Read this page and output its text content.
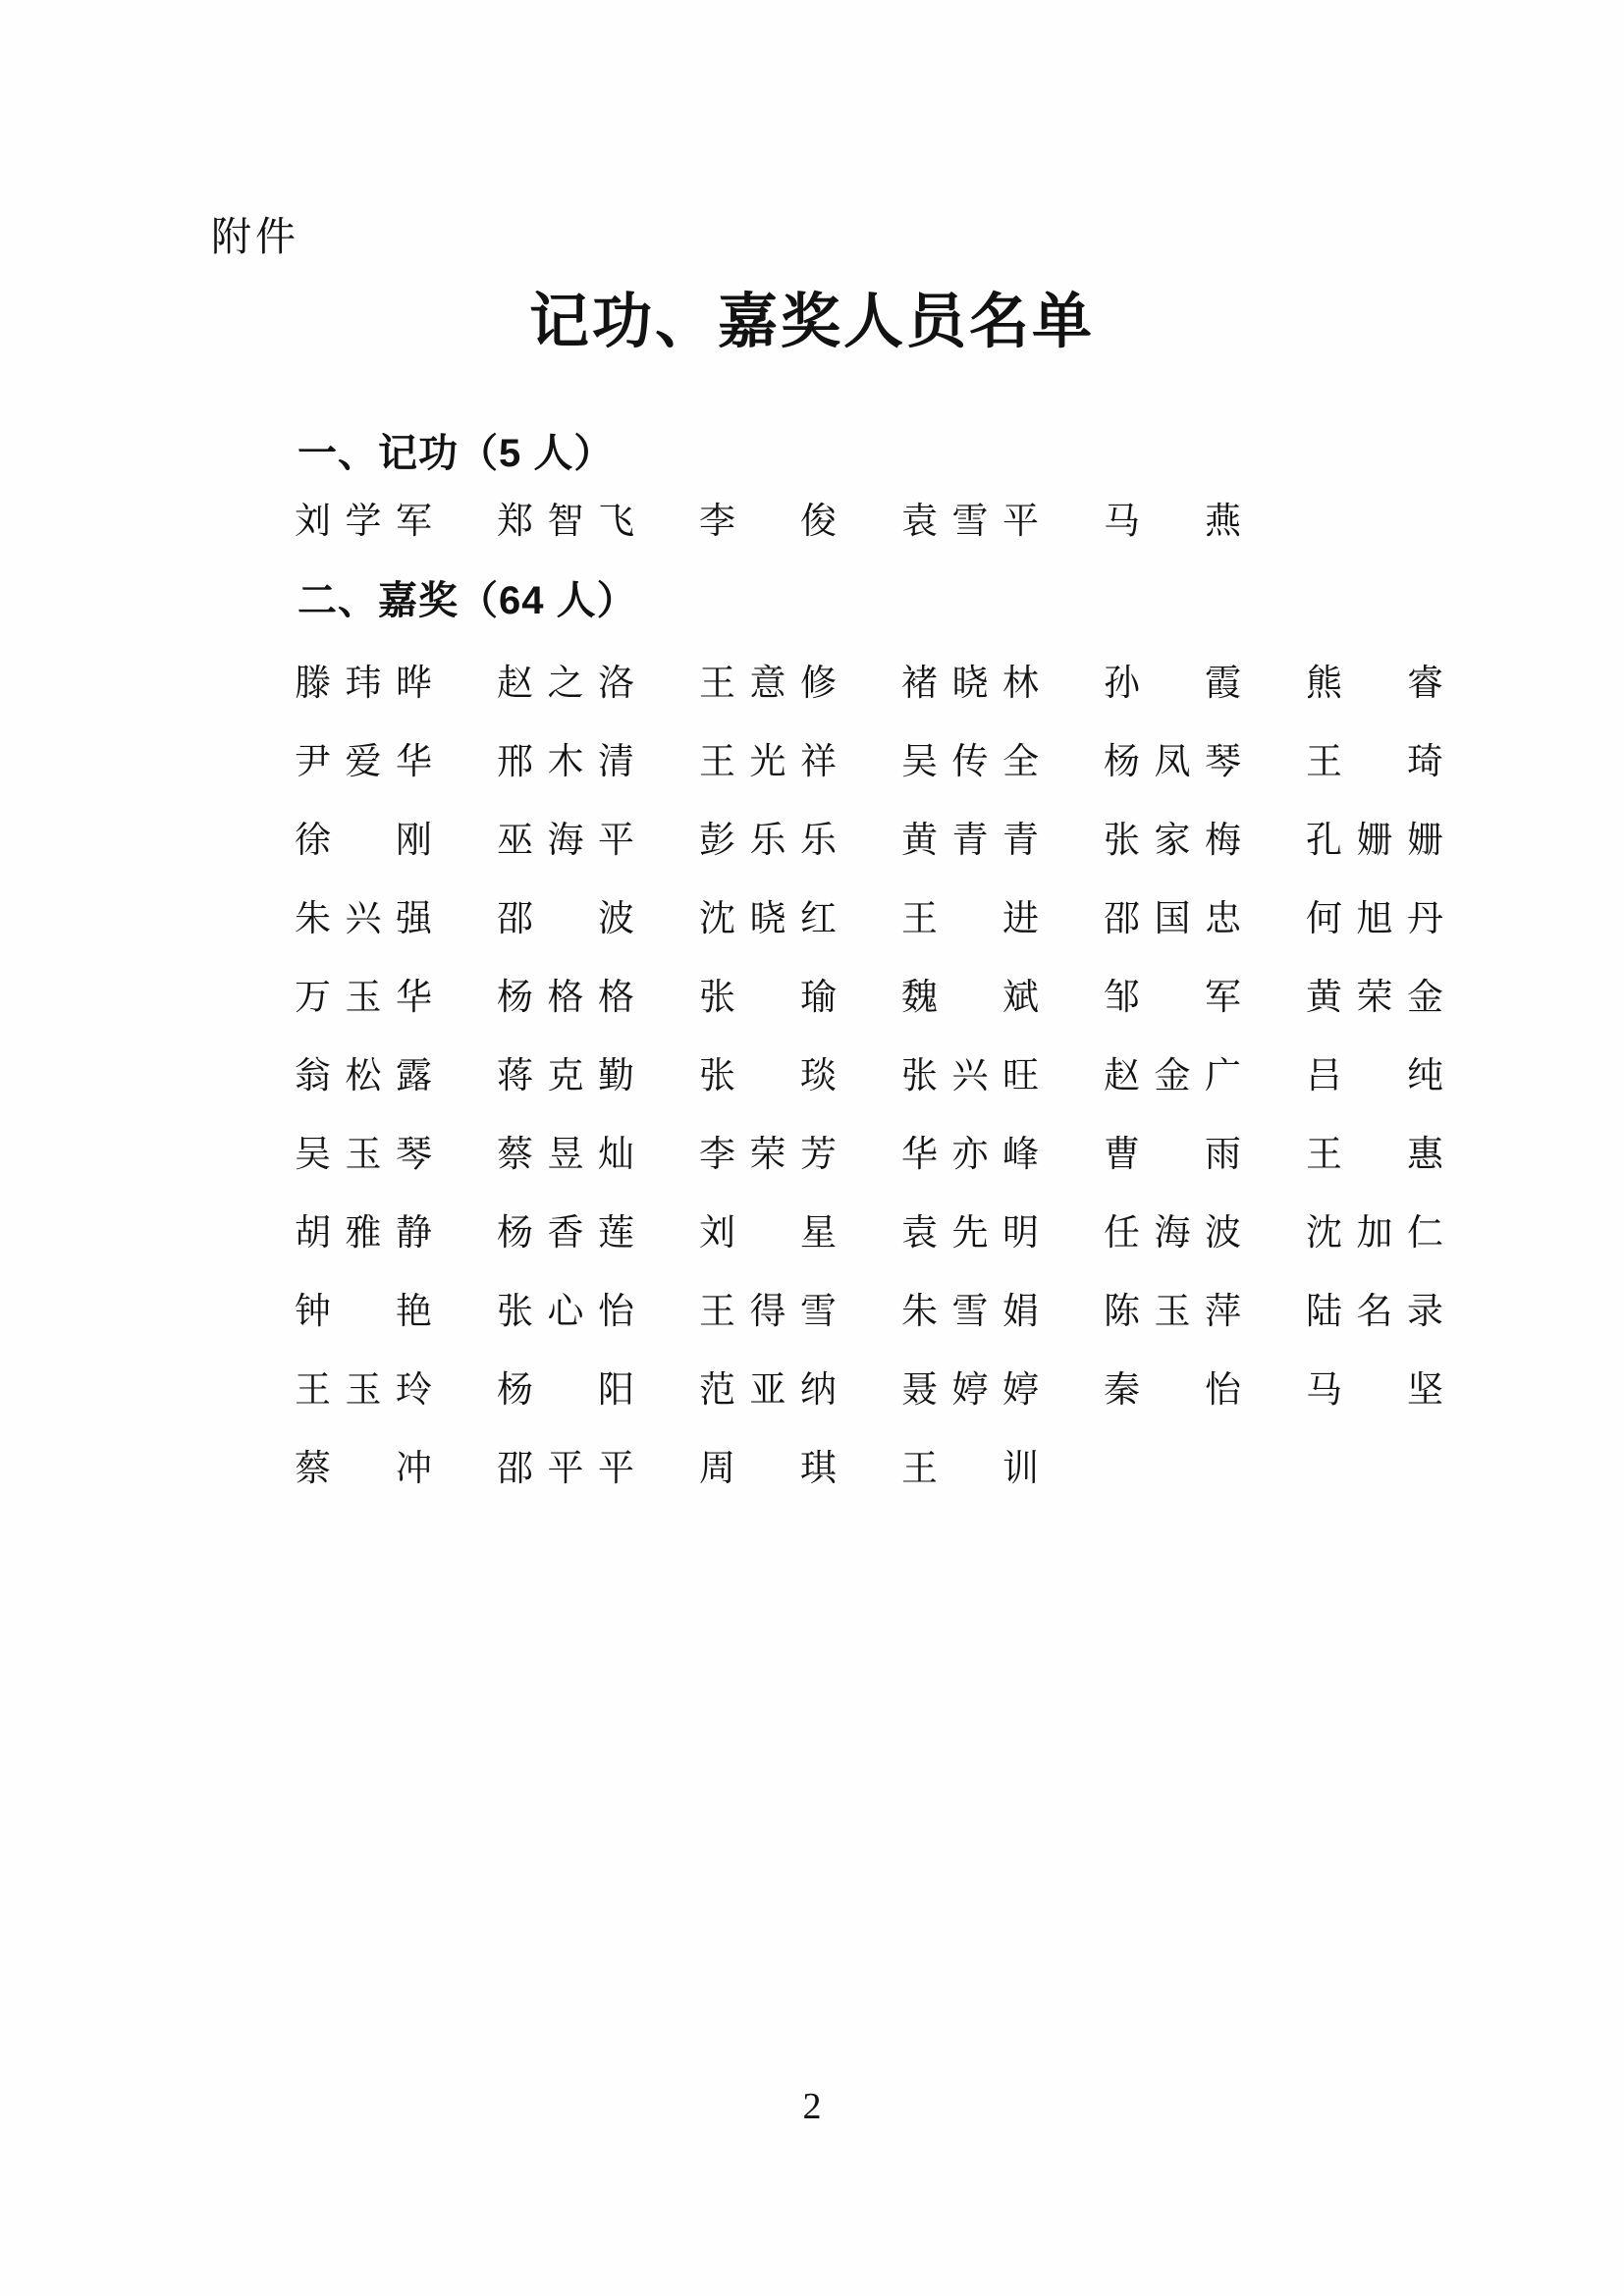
附件
记功、嘉奖人员名单
一、记功（5 人）
刘学军 郑智飞 李　俊 袁雪平 马　燕
二、嘉奖（64 人）
滕玮晔 赵之洛 王意修 褚晓林 孙　霞 熊　睿
尹爱华 邢木清 王光祥 吴传全 杨凤琴 王　琦
徐　刚 巫海平 彭乐乐 黄青青 张家梅 孔姗姗
朱兴强 邵　波 沈晓红 王　进 邵国忠 何旭丹
万玉华 杨格格 张　瑜 魏　斌 邹　军 黄荣金
翁松露 蒋克勤 张　琰 张兴旺 赵金广 吕　纯
吴玉琴 蔡昱灿 李荣芳 华亦峰 曹　雨 王　惠
胡雅静 杨香莲 刘　星 袁先明 任海波 沈加仁
钟　艳 张心怡 王得雪 朱雪娟 陈玉萍 陆名录
王玉玲 杨　阳 范亚纳 聂婷婷 秦　怡 马　坚
蔡　冲 邵平平 周　琪 王　训
2
